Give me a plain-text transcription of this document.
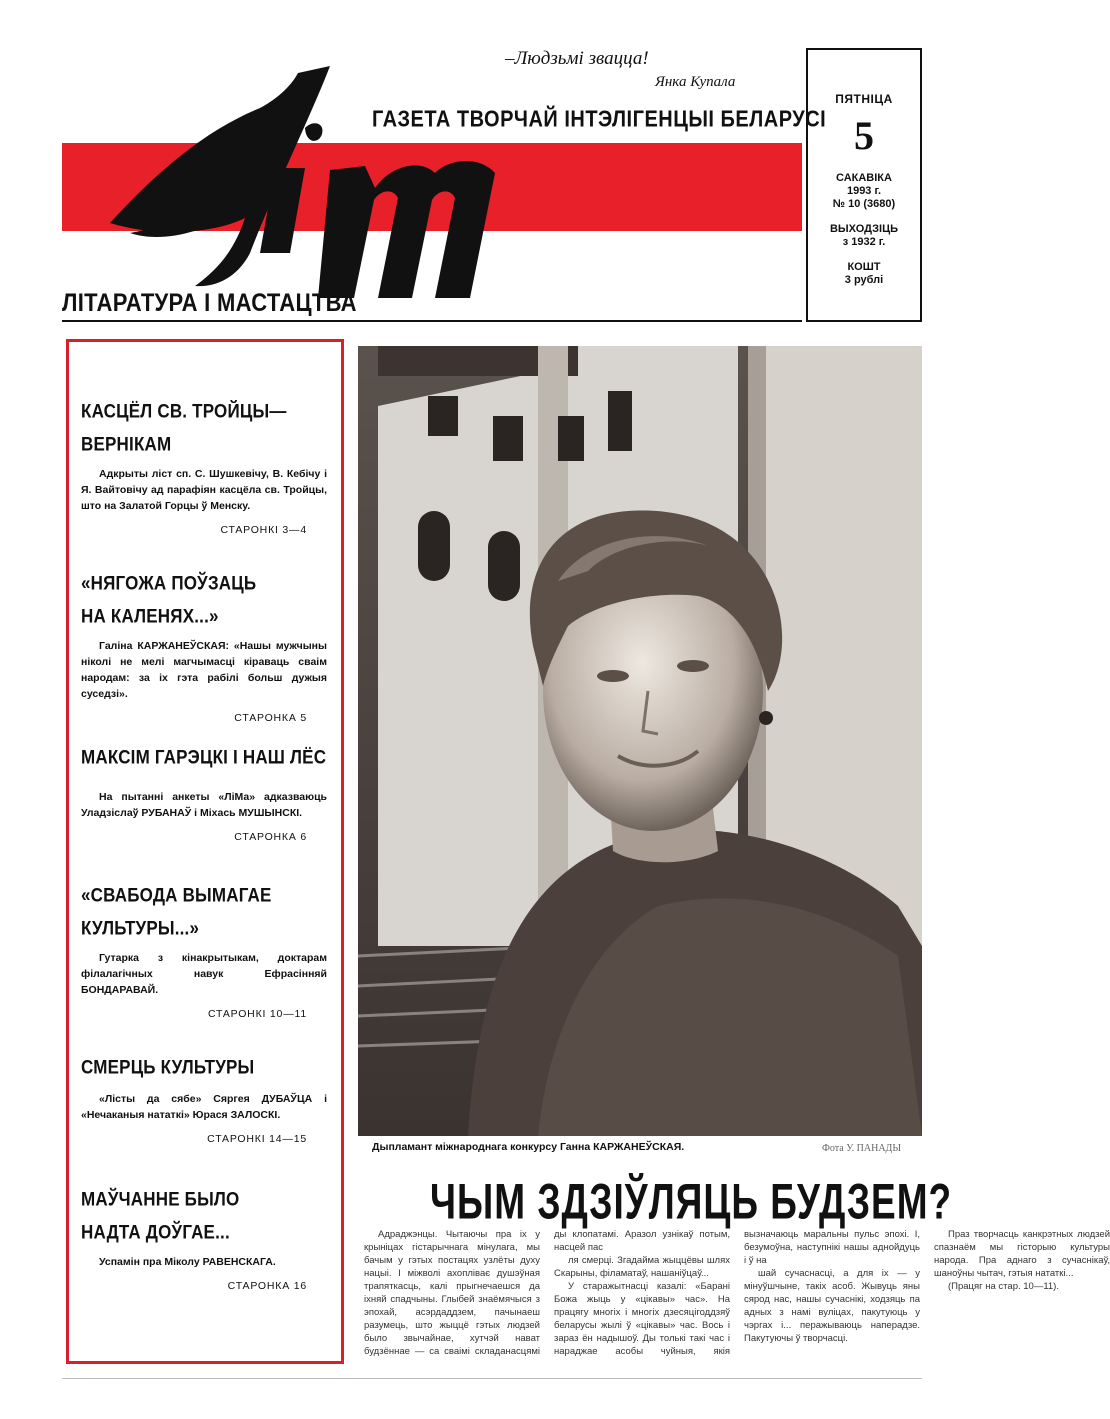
ЛіМ	–Людзьмі звацца!
Янка Купала
ГАЗЕТА ТВОРЧАЙ ІНТЭЛІГЕНЦЫІ БЕЛАРУСІ
ЛІТАРАТУРА І МАСТАЦТВА
ПЯТНІЦА
5
САКАВІКА
1993 г.
№ 10 (3680)
ВЫХОДЗІЦЬ
з 1932 г.
КОШТ
3 рублі
КАСЦЁЛ СВ. ТРОЙЦЫ—
ВЕРНІКАМ
Адкрыты ліст сп. С. Шушкевічу, В. Кебічу і Я. Вайтовічу ад парафіян касцёла св. Тройцы, што на Залатой Горцы ў Менску.
СТАРОНКІ 3—4
«НЯГОЖА ПОЎЗАЦЬ
НА КАЛЕНЯХ...»
Галіна КАРЖАНЕЎСКАЯ: «Нашы мужчыны ніколі не мелі магчымасці кіраваць сваім народам: за іх гэта рабілі больш дужыя суседзі».
СТАРОНКА 5
МАКСІМ ГАРЭЦКІ І НАШ ЛЁС
На пытанні анкеты «ЛіМа» адказваюць Уладзіслаў РУБАНАЎ і Міхась МУШЫНСКІ.
СТАРОНКА 6
«СВАБОДА ВЫМАГАЕ
КУЛЬТУРЫ...»
Гутарка з кінакрытыкам, доктарам філалагічных навук Ефрасінняй БОНДАРАВАЙ.
СТАРОНКІ 10—11
СМЕРЦЬ КУЛЬТУРЫ
«Лісты да сябе» Сяргея ДУБАЎЦА і «Нечаканыя нататкі» Юрася ЗАЛОСКІ.
СТАРОНКІ 14—15
МАЎЧАННЕ БЫЛО
НАДТА ДОЎГАЕ...
Успамін пра Міколу РАВЕНСКАГА.
СТАРОНКА 16
Дыпламант міжнароднага конкурсу Ганна КАРЖАНЕЎСКАЯ.	Фота У. ПАНАДЫ
ЧЫМ ЗДЗІЎЛЯЦЬ БУДЗЕМ?

Адраджэнцы. Чытаючы пра іх у крыніцах гістарычнага мінулага, мы бачым у гэтых постацях узлёты духу нацыі. І міжволі ахопліває душэўная трапяткасць, калі прыгнечаешся да іхняй спадчыны. Глыбей знаёмячыся з эпохай, асэрдаддзем, пачынаеш разумець, што жыццё гэтых людзей было звычайнае, хутчэй нават будзённае — са сваімі складанасцямі ды клопатамі. Аразол узнікаў потым, насцей пас

ля смерці. Згадайма жыццёвы шлях Скарыны, філаматаў, нашаніўцаў...

У старажытнасці казалі: «Баранi Божа жыць у «цікавы» час». На працягу многіх і многіх дзесяцігоддзяў беларусы жылі ў «цікавы» час. Вось і зараз ён надышоў. Ды толькі такі час і нараджае асобы чуйныя, якія вызначаюць маральны пульс эпохі. І, безумоўна, наступнікі нашы аднойдуць і ў на

шай сучаснасці, а для іх — у мінуўшчыне, такіх асоб. Жывуць яны сярод нас, нашы сучаснікі, ходзяць па адных з намі вуліцах, пакутуюць у чэргах і... перажываюць наперадзе. Пакутуючы ў творчасці.

Праз творчасць канкрэтных людзей спазнаём мы гісторыю культуры народа. Пра аднаго з сучаснікаў, шаноўны чытач, гэтыя нататкі...

(Працяг на стар. 10—11).
